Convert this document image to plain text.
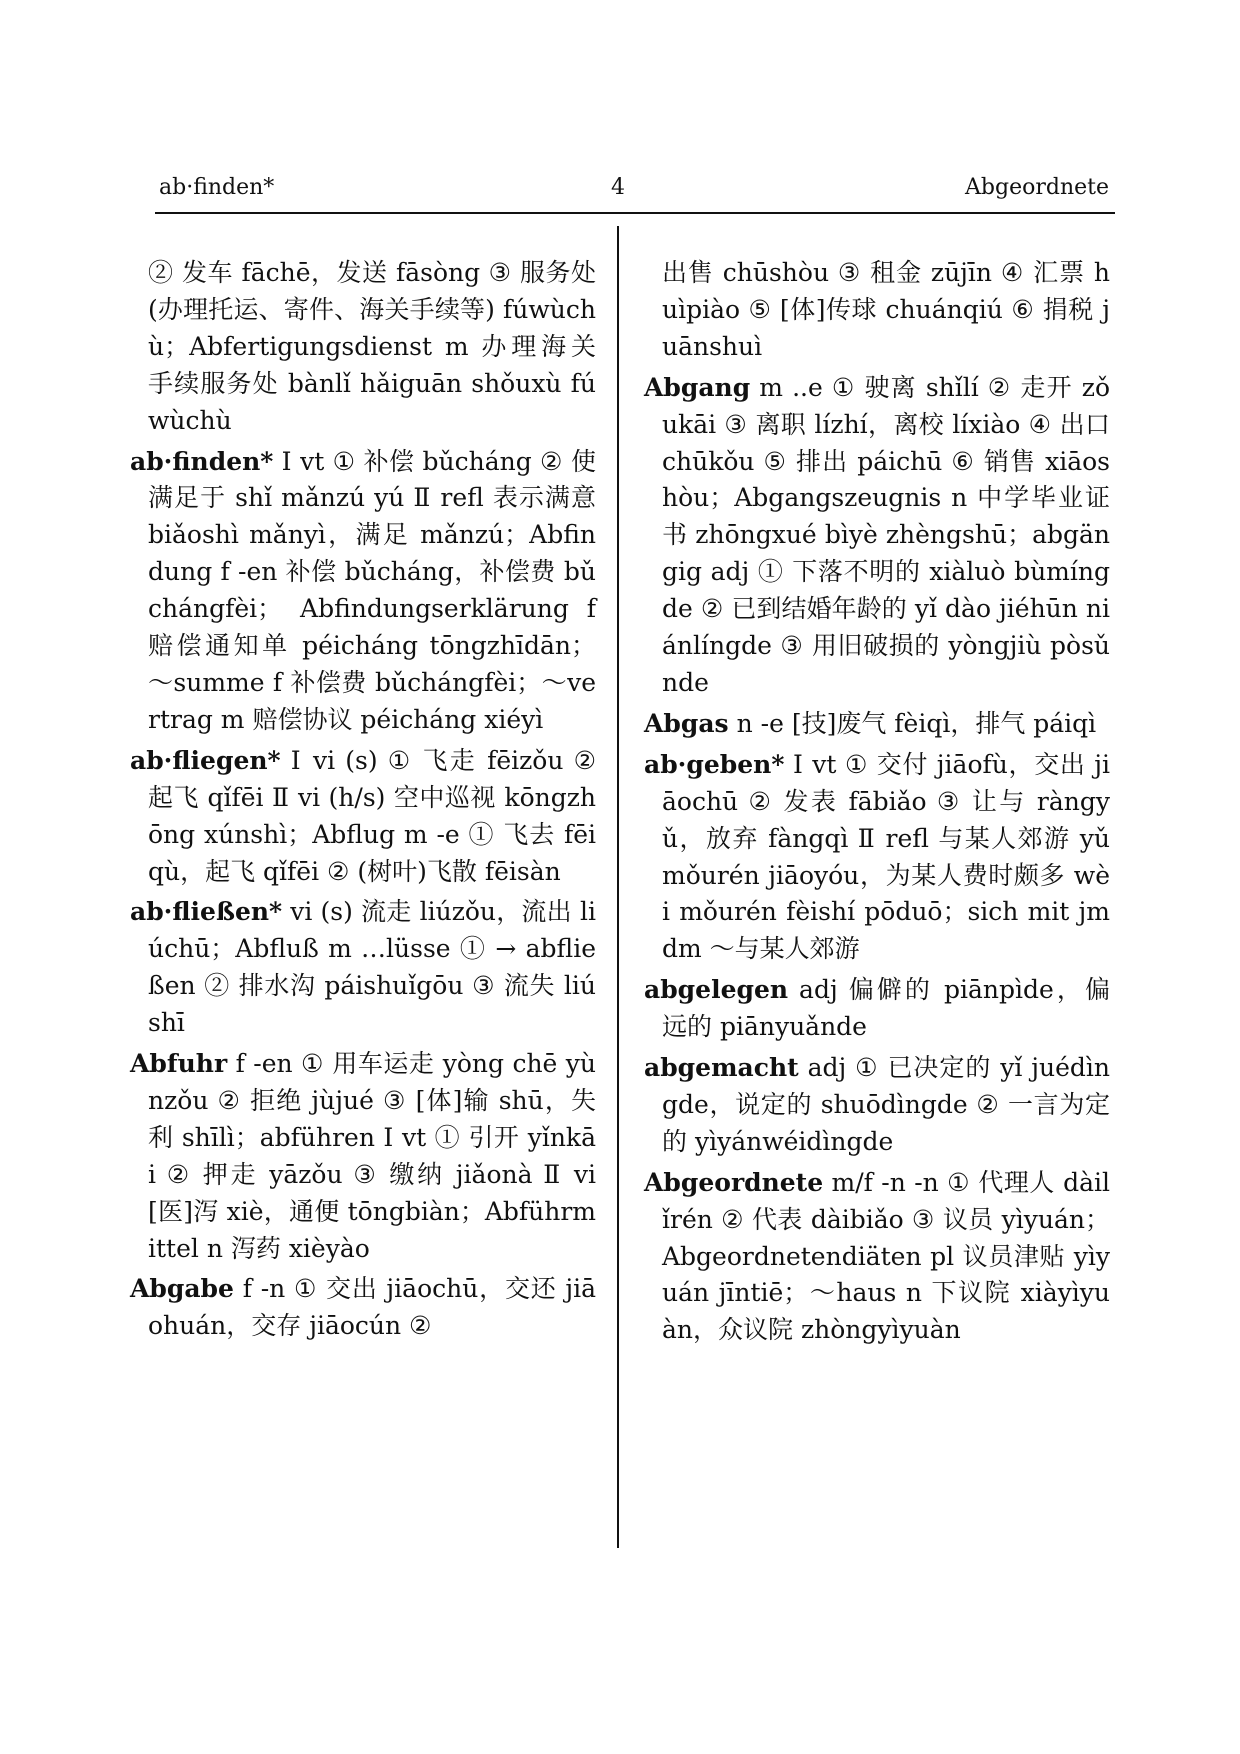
ab·finden*	4	Abgeordnete

② 发车 fāchē，发送 fāsòng ③ 服务处(办理托运、寄件、海关手续等) fúwùchù；Abfertigungsdienst m 办理海关手续服务处 bànlǐ hǎiguān shǒuxù fúwùchù

ab·finden* Ⅰ vt ① 补偿 bǔcháng ② 使满足于 shǐ mǎnzú yú Ⅱ refl 表示满意 biǎoshì mǎnyì，满足 mǎnzú；Abfindung f -en 补偿 bǔcháng，补偿费 bǔchángfèi； Abfindungserklärung f 赔偿通知单 péicháng tōngzhīdān；～summe f 补偿费 bǔchángfèi；～vertrag m 赔偿协议 péicháng xiéyì

ab·fliegen* Ⅰ vi (s) ① 飞走 fēizǒu ② 起飞 qǐfēi Ⅱ vi (h/s) 空中巡视 kōngzhōng xúnshì；Abflug m -e ① 飞去 fēiqù，起飞 qǐfēi ② (树叶)飞散 fēisàn

ab·fließen* vi (s) 流走 liúzǒu，流出 liúchū；Abfluß m …lüsse ① → abfließen ② 排水沟 páishuǐgōu ③ 流失 liúshī

Abfuhr f -en ① 用车运走 yòng chē yùnzǒu ② 拒绝 jùjué ③ [体]输 shū，失利 shīlì；abführen Ⅰ vt ① 引开 yǐnkāi ② 押走 yāzǒu ③ 缴纳 jiǎonà Ⅱ vi [医]泻 xiè，通便 tōngbiàn；Abführmittel n 泻药 xièyào

Abgabe f -n ① 交出 jiāochū，交还 jiāohuán，交存 jiāocún ②

出售 chūshòu ③ 租金 zūjīn ④ 汇票 huìpiào ⑤ [体]传球 chuánqiú ⑥ 捐税 juānshuì

Abgang m ..e ① 驶离 shǐlí ② 走开 zǒukāi ③ 离职 lízhí，离校 líxiào ④ 出口 chūkǒu ⑤ 排出 páichū ⑥ 销售 xiāoshòu；Abgangszeugnis n 中学毕业证书 zhōngxué bìyè zhèngshū；abgängig adj ① 下落不明的 xiàluò bùmíngde ② 已到结婚年龄的 yǐ dào jiéhūn niánlíngde ③ 用旧破损的 yòngjiù pòsǔnde

Abgas n -e [技]废气 fèiqì，排气 páiqì

ab·geben* Ⅰ vt ① 交付 jiāofù，交出 jiāochū ② 发表 fābiǎo ③ 让与 ràngyǔ，放弃 fàngqì Ⅱ refl 与某人郊游 yǔ mǒurén jiāoyóu，为某人费时颇多 wèi mǒurén fèishí pōduō；sich mit jmdm ～与某人郊游

abgelegen adj 偏僻的 piānpìde，偏远的 piānyuǎnde

abgemacht adj ① 已决定的 yǐ juédìngde，说定的 shuōdìngde ② 一言为定的 yìyánwéidìngde

Abgeordnete m/f -n -n ① 代理人 dàilǐrén ② 代表 dàibiǎo ③ 议员 yìyuán；Abgeordnetendiäten pl 议员津贴 yìyuán jīntiē；～haus n 下议院 xiàyìyuàn，众议院 zhòngyìyuàn
